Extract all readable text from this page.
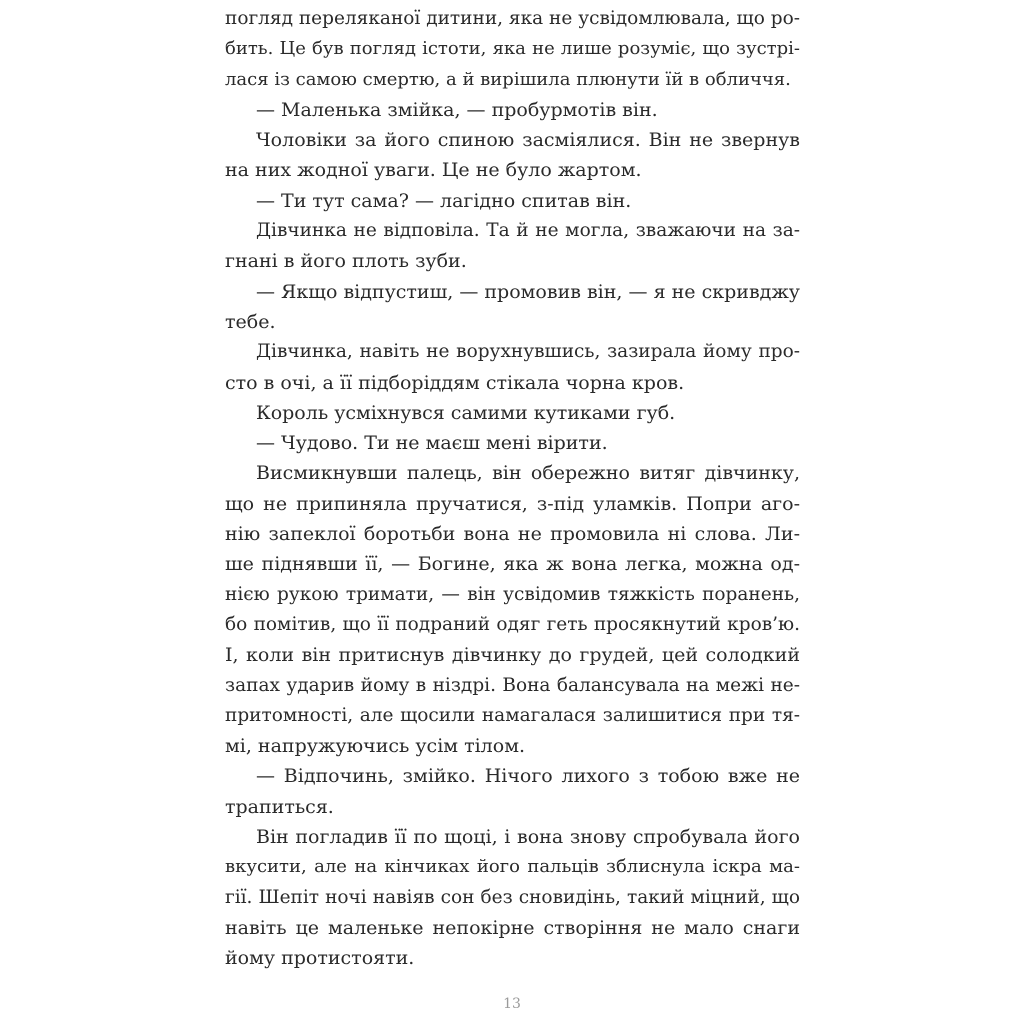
погляд переляканої дитини, яка не усвідомлювала, що ро-
бить. Це був погляд істоти, яка не лише розуміє, що зустрі-
лася із самою смертю, а й вирішила плюнути їй в обличчя.
— Маленька змійка, — пробурмотів він.
Чоловіки за його спиною засміялися. Він не звернув
на них жодної уваги. Це не було жартом.
— Ти тут сама? — лагідно спитав він.
Дівчинка не відповіла. Та й не могла, зважаючи на за-
гнані в його плоть зуби.
— Якщо відпустиш, — промовив він, — я не скривджу
тебе.
Дівчинка, навіть не ворухнувшись, зазирала йому про-
сто в очі, а її підборіддям стікала чорна кров.
Король усміхнувся самими кутиками губ.
— Чудово. Ти не маєш мені вірити.
Висмикнувши палець, він обережно витяг дівчинку,
що не припиняла пручатися, з-під уламків. Попри аго-
нію запеклої боротьби вона не промовила ні слова. Ли-
ше піднявши її, — Богине, яка ж вона легка, можна од-
нією рукою тримати, — він усвідомив тяжкість поранень,
бо помітив, що її подраний одяг геть просякнутий кров’ю.
І, коли він притиснув дівчинку до грудей, цей солодкий
запах ударив йому в ніздрі. Вона балансувала на межі не-
притомності, але щосили намагалася залишитися при тя-
мі, напружуючись усім тілом.
— Відпочинь, змійко. Нічого лихого з тобою вже не
трапиться.
Він погладив її по щоці, і вона знову спробувала його
вкусити, але на кінчиках його пальців зблиснула іскра ма-
гії. Шепіт ночі навіяв сон без сновидінь, такий міцний, що
навіть це маленьке непокірне створіння не мало снаги
йому протистояти.
13
